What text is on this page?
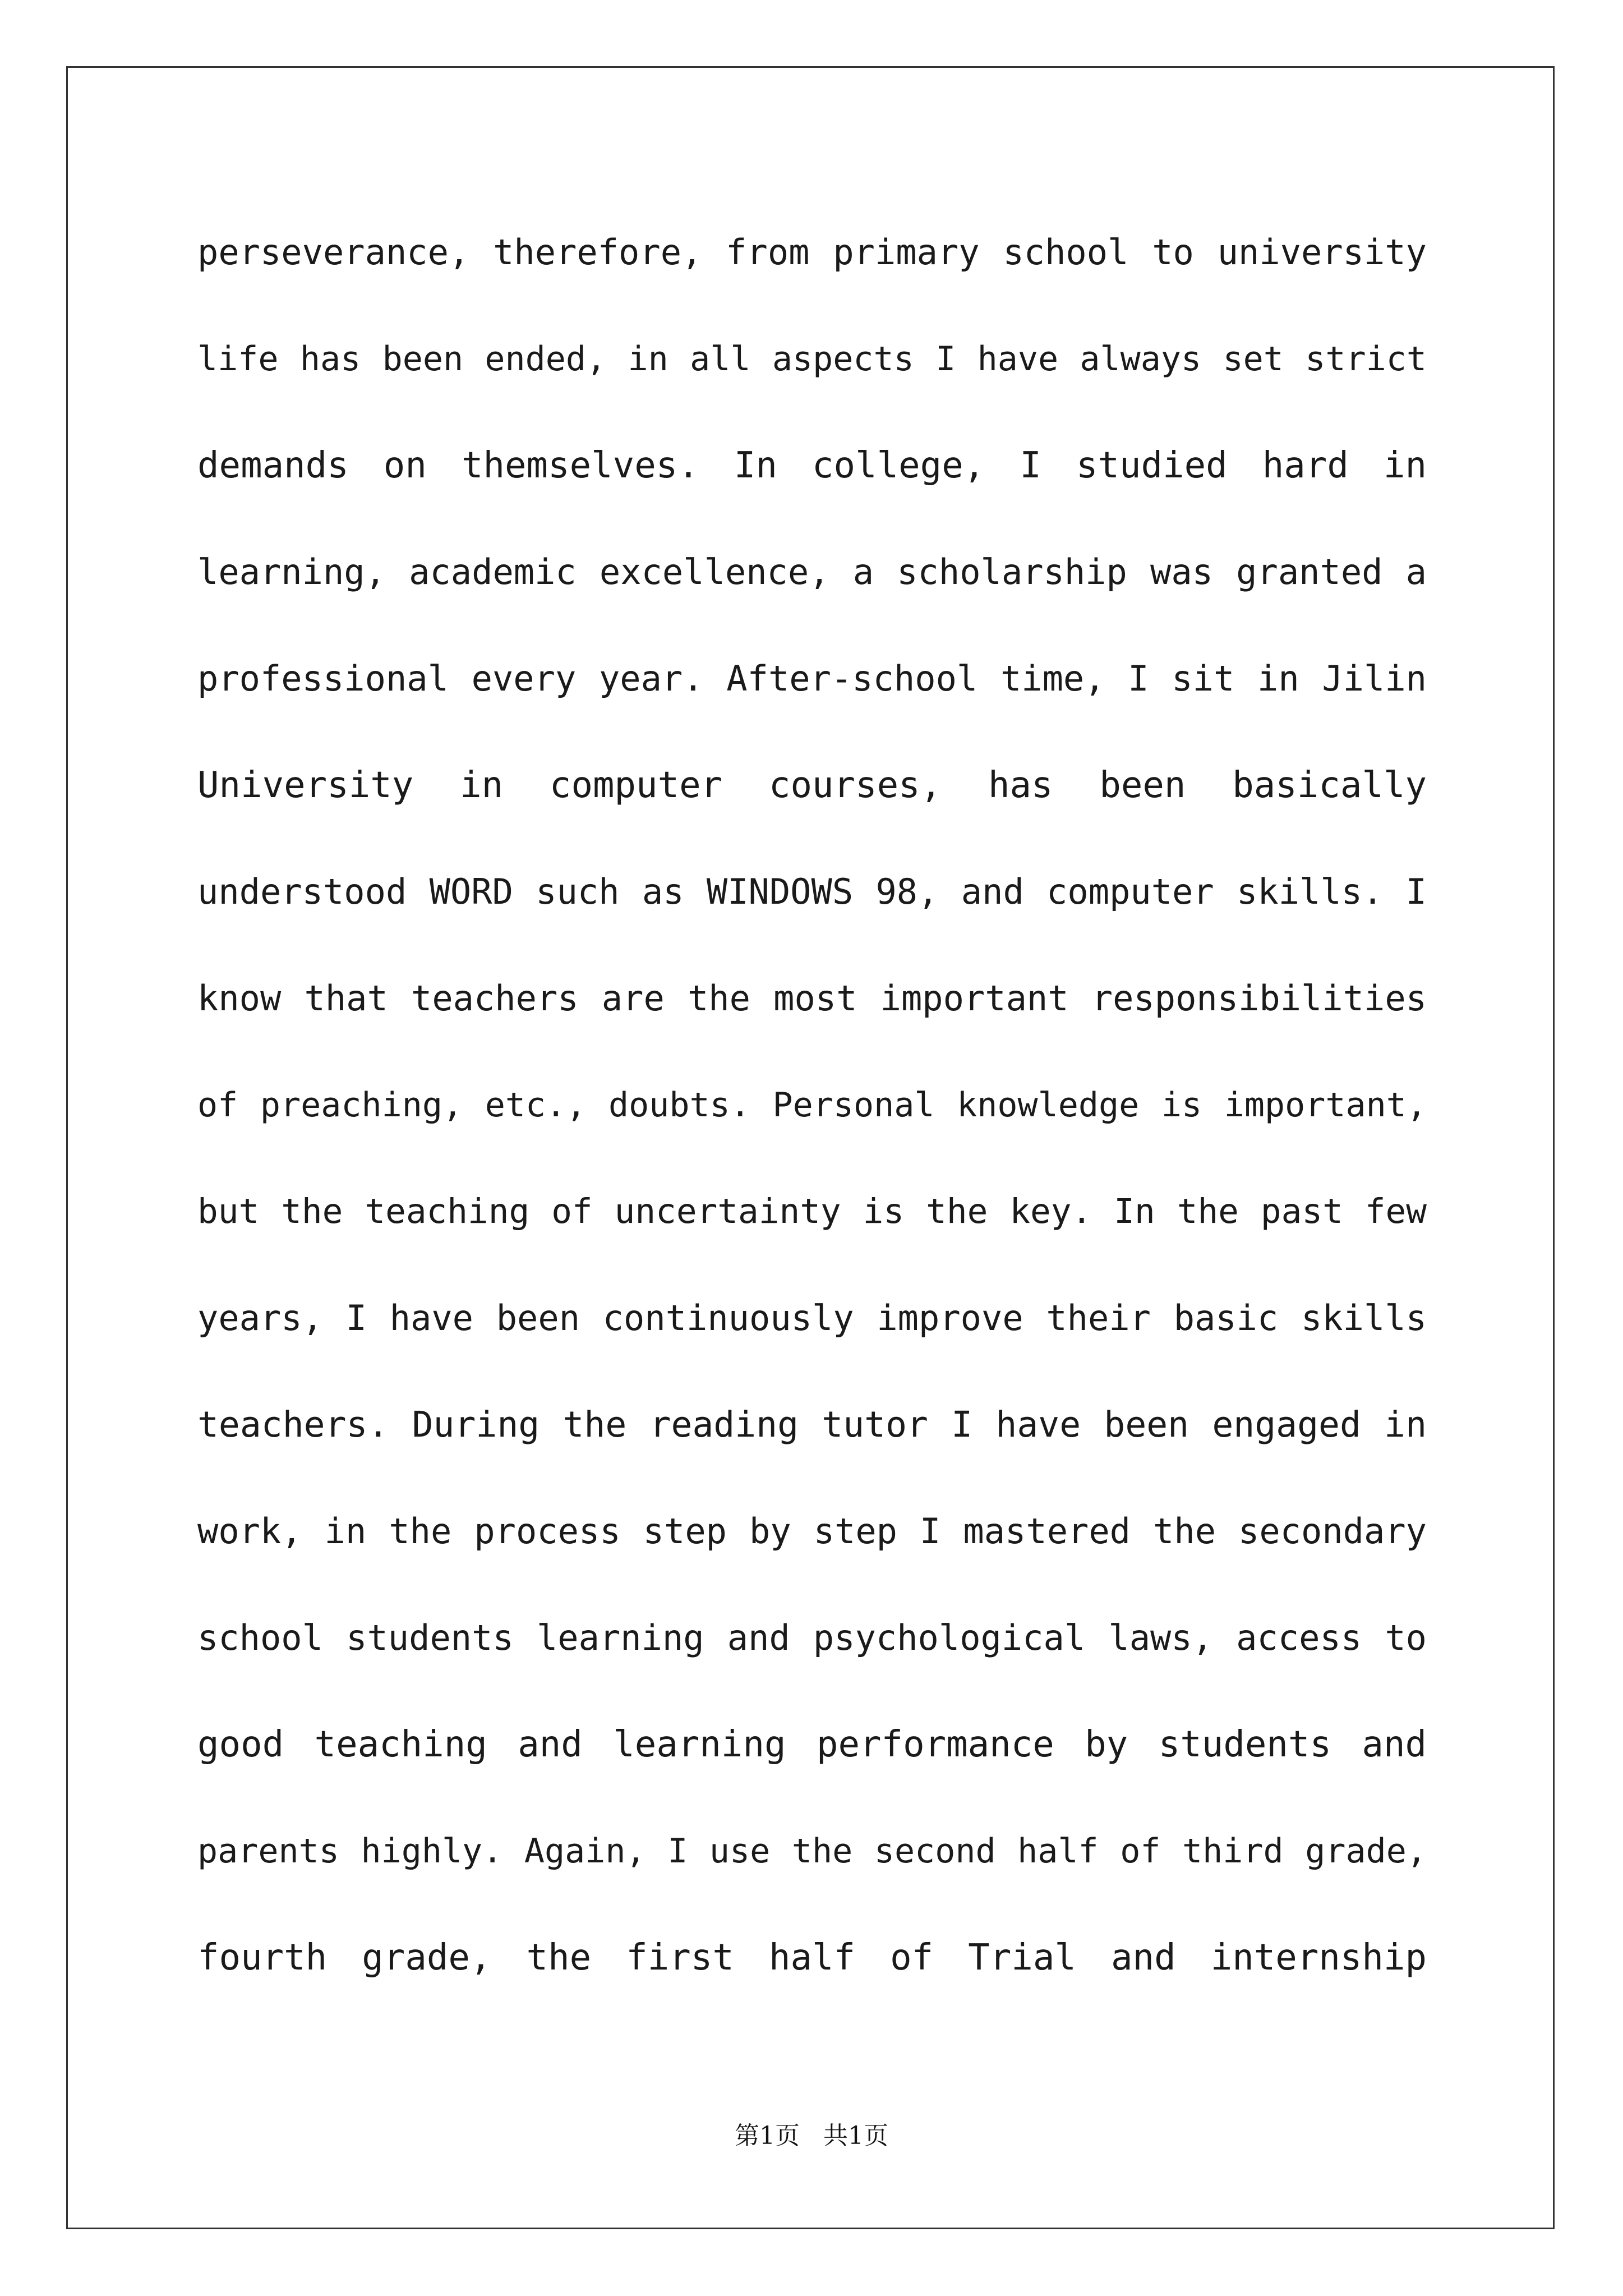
perseverance, therefore, from primary school to university
life has been ended, in all aspects I have always set strict
demands on themselves. In college, I studied hard in
learning, academic excellence, a scholarship was granted a
professional every year. After-school time, I sit in Jilin
University in computer courses, has been basically
understood WORD such as WINDOWS 98, and computer skills. I
know that teachers are the most important responsibilities
of preaching, etc., doubts. Personal knowledge is important,
but the teaching of uncertainty is the key. In the past few
years, I have been continuously improve their basic skills
teachers. During the reading tutor I have been engaged in
work, in the process step by step I mastered the secondary
school students learning and psychological laws, access to
good teaching and learning performance by students and
parents highly. Again, I use the second half of third grade,
fourth grade, the first half of Trial and internship
第1页   共1页
